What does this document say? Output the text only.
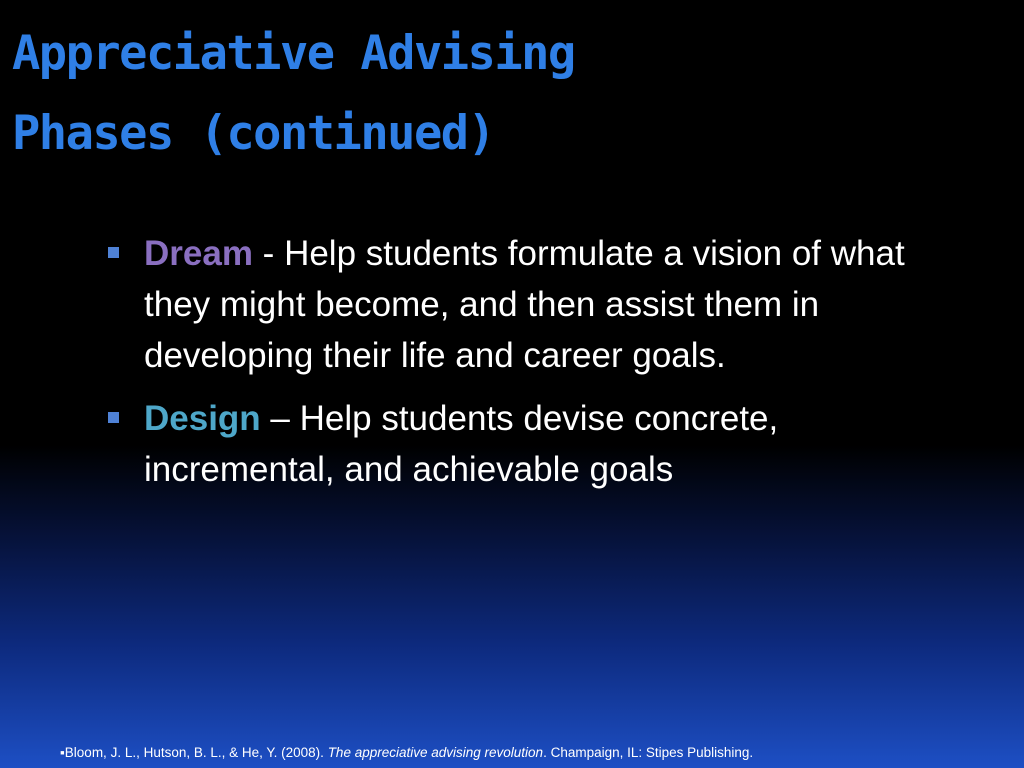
Appreciative Advising
Phases (continued)
Dream - Help students formulate a vision of what they might become, and then assist them in developing their life and career goals.
Design – Help students devise concrete, incremental, and achievable goals

▪Bloom, J. L., Hutson, B. L., & He, Y. (2008). The appreciative advising revolution. Champaign, IL: Stipes Publishing.
